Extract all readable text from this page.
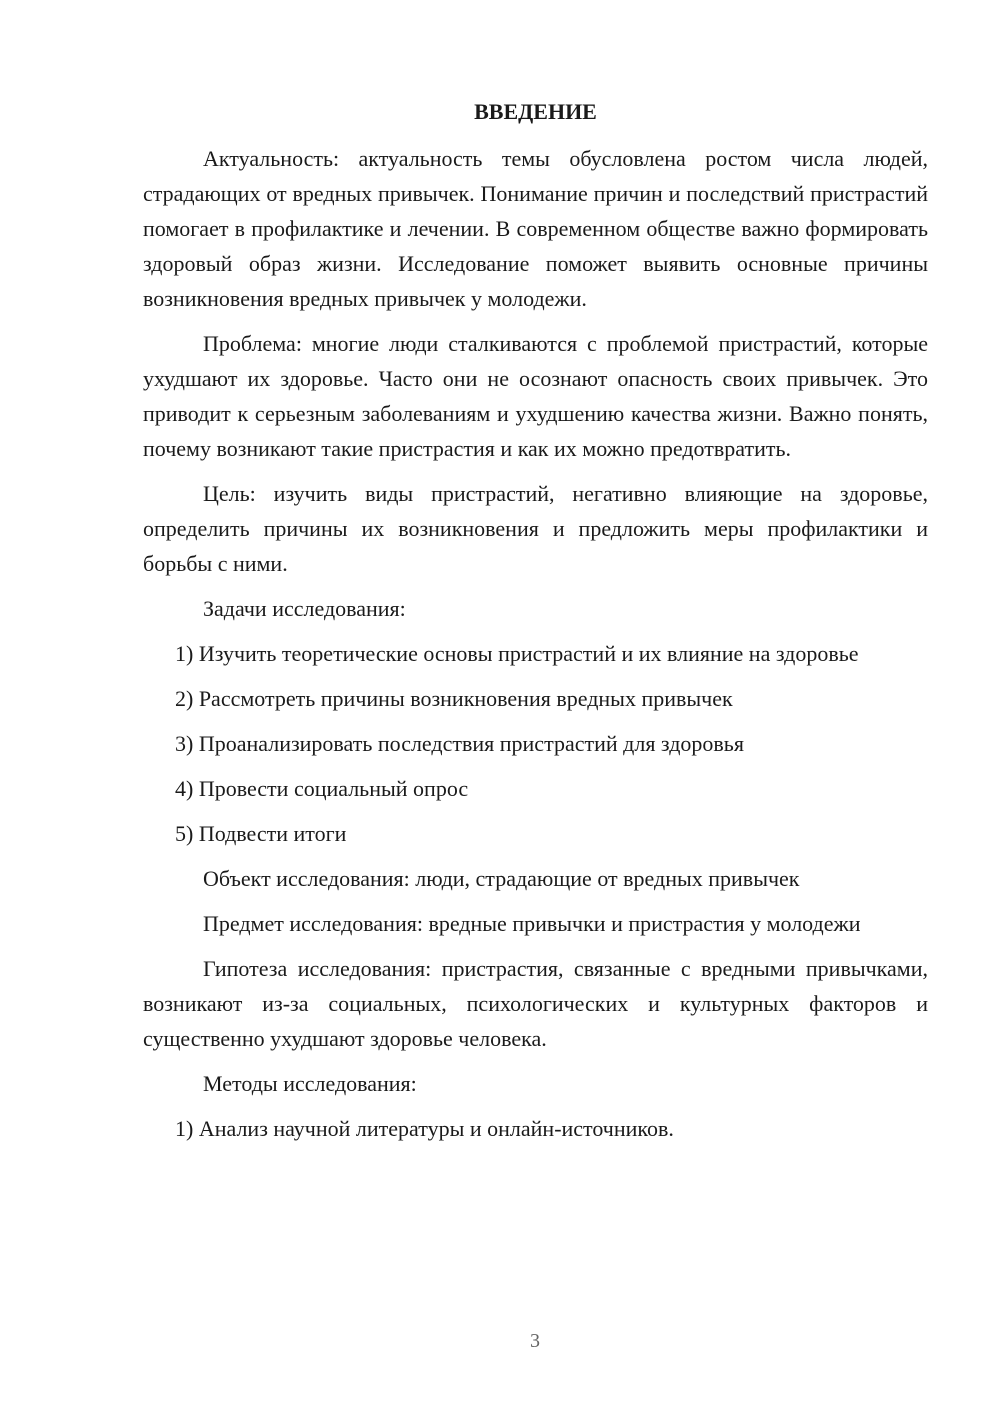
ВВЕДЕНИЕ

Актуальность: актуальность темы обусловлена ростом числа людей, страдающих от вредных привычек. Понимание причин и последствий пристрастий помогает в профилактике и лечении. В современном обществе важно формировать здоровый образ жизни. Исследование поможет выявить основные причины возникновения вредных привычек у молодежи.

Проблема: многие люди сталкиваются с проблемой пристрастий, которые ухудшают их здоровье. Часто они не осознают опасность своих привычек. Это приводит к серьезным заболеваниям и ухудшению качества жизни. Важно понять, почему возникают такие пристрастия и как их можно предотвратить.

Цель: изучить виды пристрастий, негативно влияющие на здоровье, определить причины их возникновения и предложить меры профилактики и борьбы с ними.

Задачи исследования:

1) Изучить теоретические основы пристрастий и их влияние на здоровье

2) Рассмотреть причины возникновения вредных привычек

3) Проанализировать последствия пристрастий для здоровья

4) Провести социальный опрос

5) Подвести итоги

Объект исследования: люди, страдающие от вредных привычек

Предмет исследования: вредные привычки и пристрастия у молодежи

Гипотеза исследования: пристрастия, связанные с вредными привычками, возникают из-за социальных, психологических и культурных факторов и существенно ухудшают здоровье человека.

Методы исследования:

1) Анализ научной литературы и онлайн-источников.

3
